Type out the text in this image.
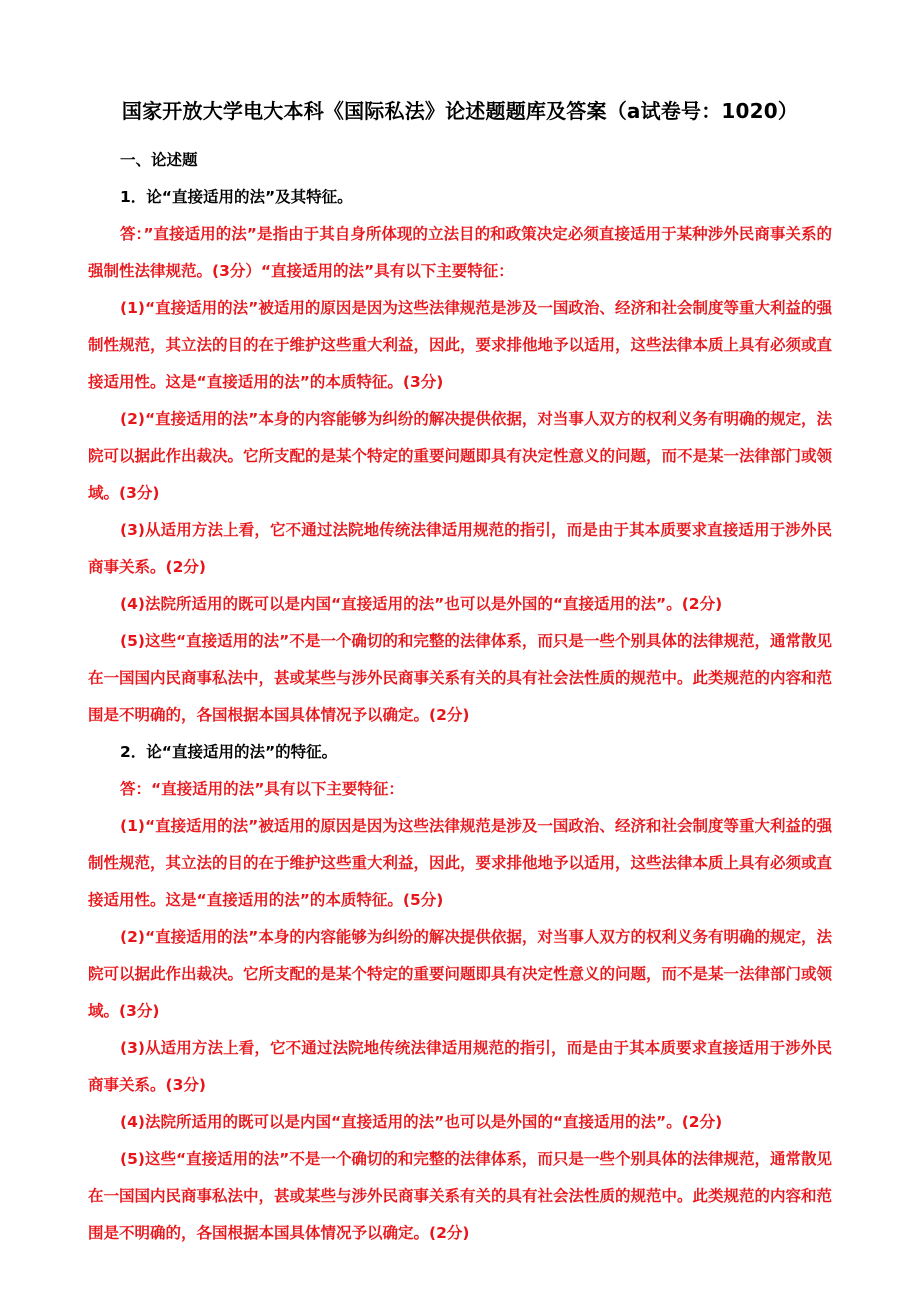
国家开放大学电大本科《国际私法》论述题题库及答案（a试卷号：1020）

一、论述题

1．论“直接适用的法”及其特征。

答：”直接适用的法”是指由于其自身所体现的立法目的和政策决定必须直接适用于某种涉外民商事关系的强制性法律规范。(3分）“直接适用的法”具有以下主要特征：

(1)“直接适用的法”被适用的原因是因为这些法律规范是涉及一国政治、经济和社会制度等重大利益的强制性规范，其立法的目的在于维护这些重大利益，因此，要求排他地予以适用，这些法律本质上具有必须或直接适用性。这是“直接适用的法”的本质特征。(3分)

(2)“直接适用的法”本身的内容能够为纠纷的解决提供依据，对当事人双方的权利义务有明确的规定，法院可以据此作出裁决。它所支配的是某个特定的重要问题即具有决定性意义的问题，而不是某一法律部门或领域。(3分)

(3)从适用方法上看，它不通过法院地传统法律适用规范的指引，而是由于其本质要求直接适用于涉外民商事关系。(2分)

(4)法院所适用的既可以是内国“直接适用的法”也可以是外国的“直接适用的法”。(2分)

(5)这些“直接适用的法”不是一个确切的和完整的法律体系，而只是一些个别具体的法律规范，通常散见在一国国内民商事私法中，甚或某些与涉外民商事关系有关的具有社会法性质的规范中。此类规范的内容和范围是不明确的，各国根据本国具体情况予以确定。(2分)

2．论“直接适用的法”的特征。

答：“直接适用的法”具有以下主要特征：

(1)“直接适用的法”被适用的原因是因为这些法律规范是涉及一国政治、经济和社会制度等重大利益的强制性规范，其立法的目的在于维护这些重大利益，因此，要求排他地予以适用，这些法律本质上具有必须或直接适用性。这是“直接适用的法”的本质特征。(5分)

(2)“直接适用的法”本身的内容能够为纠纷的解决提供依据，对当事人双方的权利义务有明确的规定，法院可以据此作出裁决。它所支配的是某个特定的重要问题即具有决定性意义的问题，而不是某一法律部门或领域。(3分)

(3)从适用方法上看，它不通过法院地传统法律适用规范的指引，而是由于其本质要求直接适用于涉外民商事关系。(3分)

(4)法院所适用的既可以是内国“直接适用的法”也可以是外国的“直接适用的法”。(2分)

(5)这些“直接适用的法”不是一个确切的和完整的法律体系，而只是一些个别具体的法律规范，通常散见在一国国内民商事私法中，甚或某些与涉外民商事关系有关的具有社会法性质的规范中。此类规范的内容和范围是不明确的，各国根据本国具体情况予以确定。(2分)
